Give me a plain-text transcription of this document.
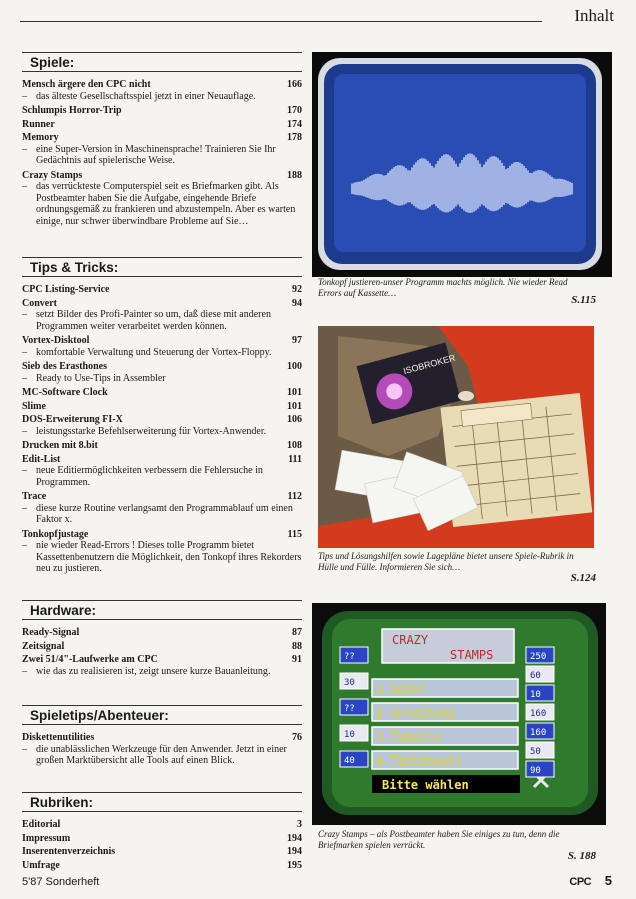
Inhalt
Spiele:
Mensch ärgere den CPC nicht	166
– das älteste Gesellschaftsspiel jetzt in einer Neuauflage.
Schlumpis Horror-Trip	170
Runner	174
Memory	178
– eine Super-Version in Maschinensprache! Trainieren Sie Ihr Gedächtnis auf spielerische Weise.
Crazy Stamps	188
– das verrückteste Computerspiel seit es Briefmarken gibt. Als Postbeamter haben Sie die Aufgabe, eingehende Briefe ordnungsgemäß zu frankieren und abzustempeln. Aber es warten einige, nur schwer überwindbare Probleme auf Sie…
Tips & Tricks:
CPC Listing-Service	92
Convert	94
– setzt Bilder des Profi-Painter so um, daß diese mit anderen Programmen weiter verarbeitet werden können.
Vortex-Disktool	97
– komfortable Verwaltung und Steuerung der Vortex-Floppy.
Sieb des Erasthones	100
– Ready to Use-Tips in Assembler
MC-Software Clock	101
Slime	101
DOS-Erweiterung FI-X	106
– leistungsstarke Befehlserweiterung für Vortex-Anwender.
Drucken mit 8.bit	108
Edit-List	111
– neue Editiermöglichkeiten verbessern die Fehlersuche in Programmen.
Trace	112
– diese kurze Routine verlangsamt den Programmablauf um einen Faktor x.
Tonkopfjustage	115
– nie wieder Read-Errors ! Dieses tolle Programm bietet Kassettenbenutzern die Möglichkeit, den Tonkopf ihres Rekorders neu zu justieren.
Hardware:
Ready-Signal	87
Zeitsignal	88
Zwei 51/4"-Laufwerke am CPC	91
– wie das zu realisieren ist, zeigt unsere kurze Bauanleitung.
Spieletips/Abenteuer:
Diskettenutilities	76
– die unablässlichen Werkzeuge für den Anwender. Jetzt in einer großen Marktübersicht alle Tools auf einen Blick.
Rubriken:
Editorial	3
Impressum	194
Inserentenverzeichnis	194
Umfrage	195
Tonkopf justieren-unser Programm machts möglich. Nie wieder Read Errors auf Kassette…
S.115
ISOBROKER
Tips und Lösungshilfen sowie Lagepläne bietet unsere Spiele-Rubrik in Hülle und Fülle. Informieren Sie sich…
S.124
CRAZY
STAMPS
1-Spiel
2-Anleitung
3-Tabelle
4-Tastenwahl
Bitte wählen
??
30
??
10
40
250
60
10
160
160
50
90
Crazy Stamps – als Postbeamter haben Sie einiges zu tun, denn die Briefmarken spielen verrückt.
S. 188
5'87 Sonderheft	CPC 5
